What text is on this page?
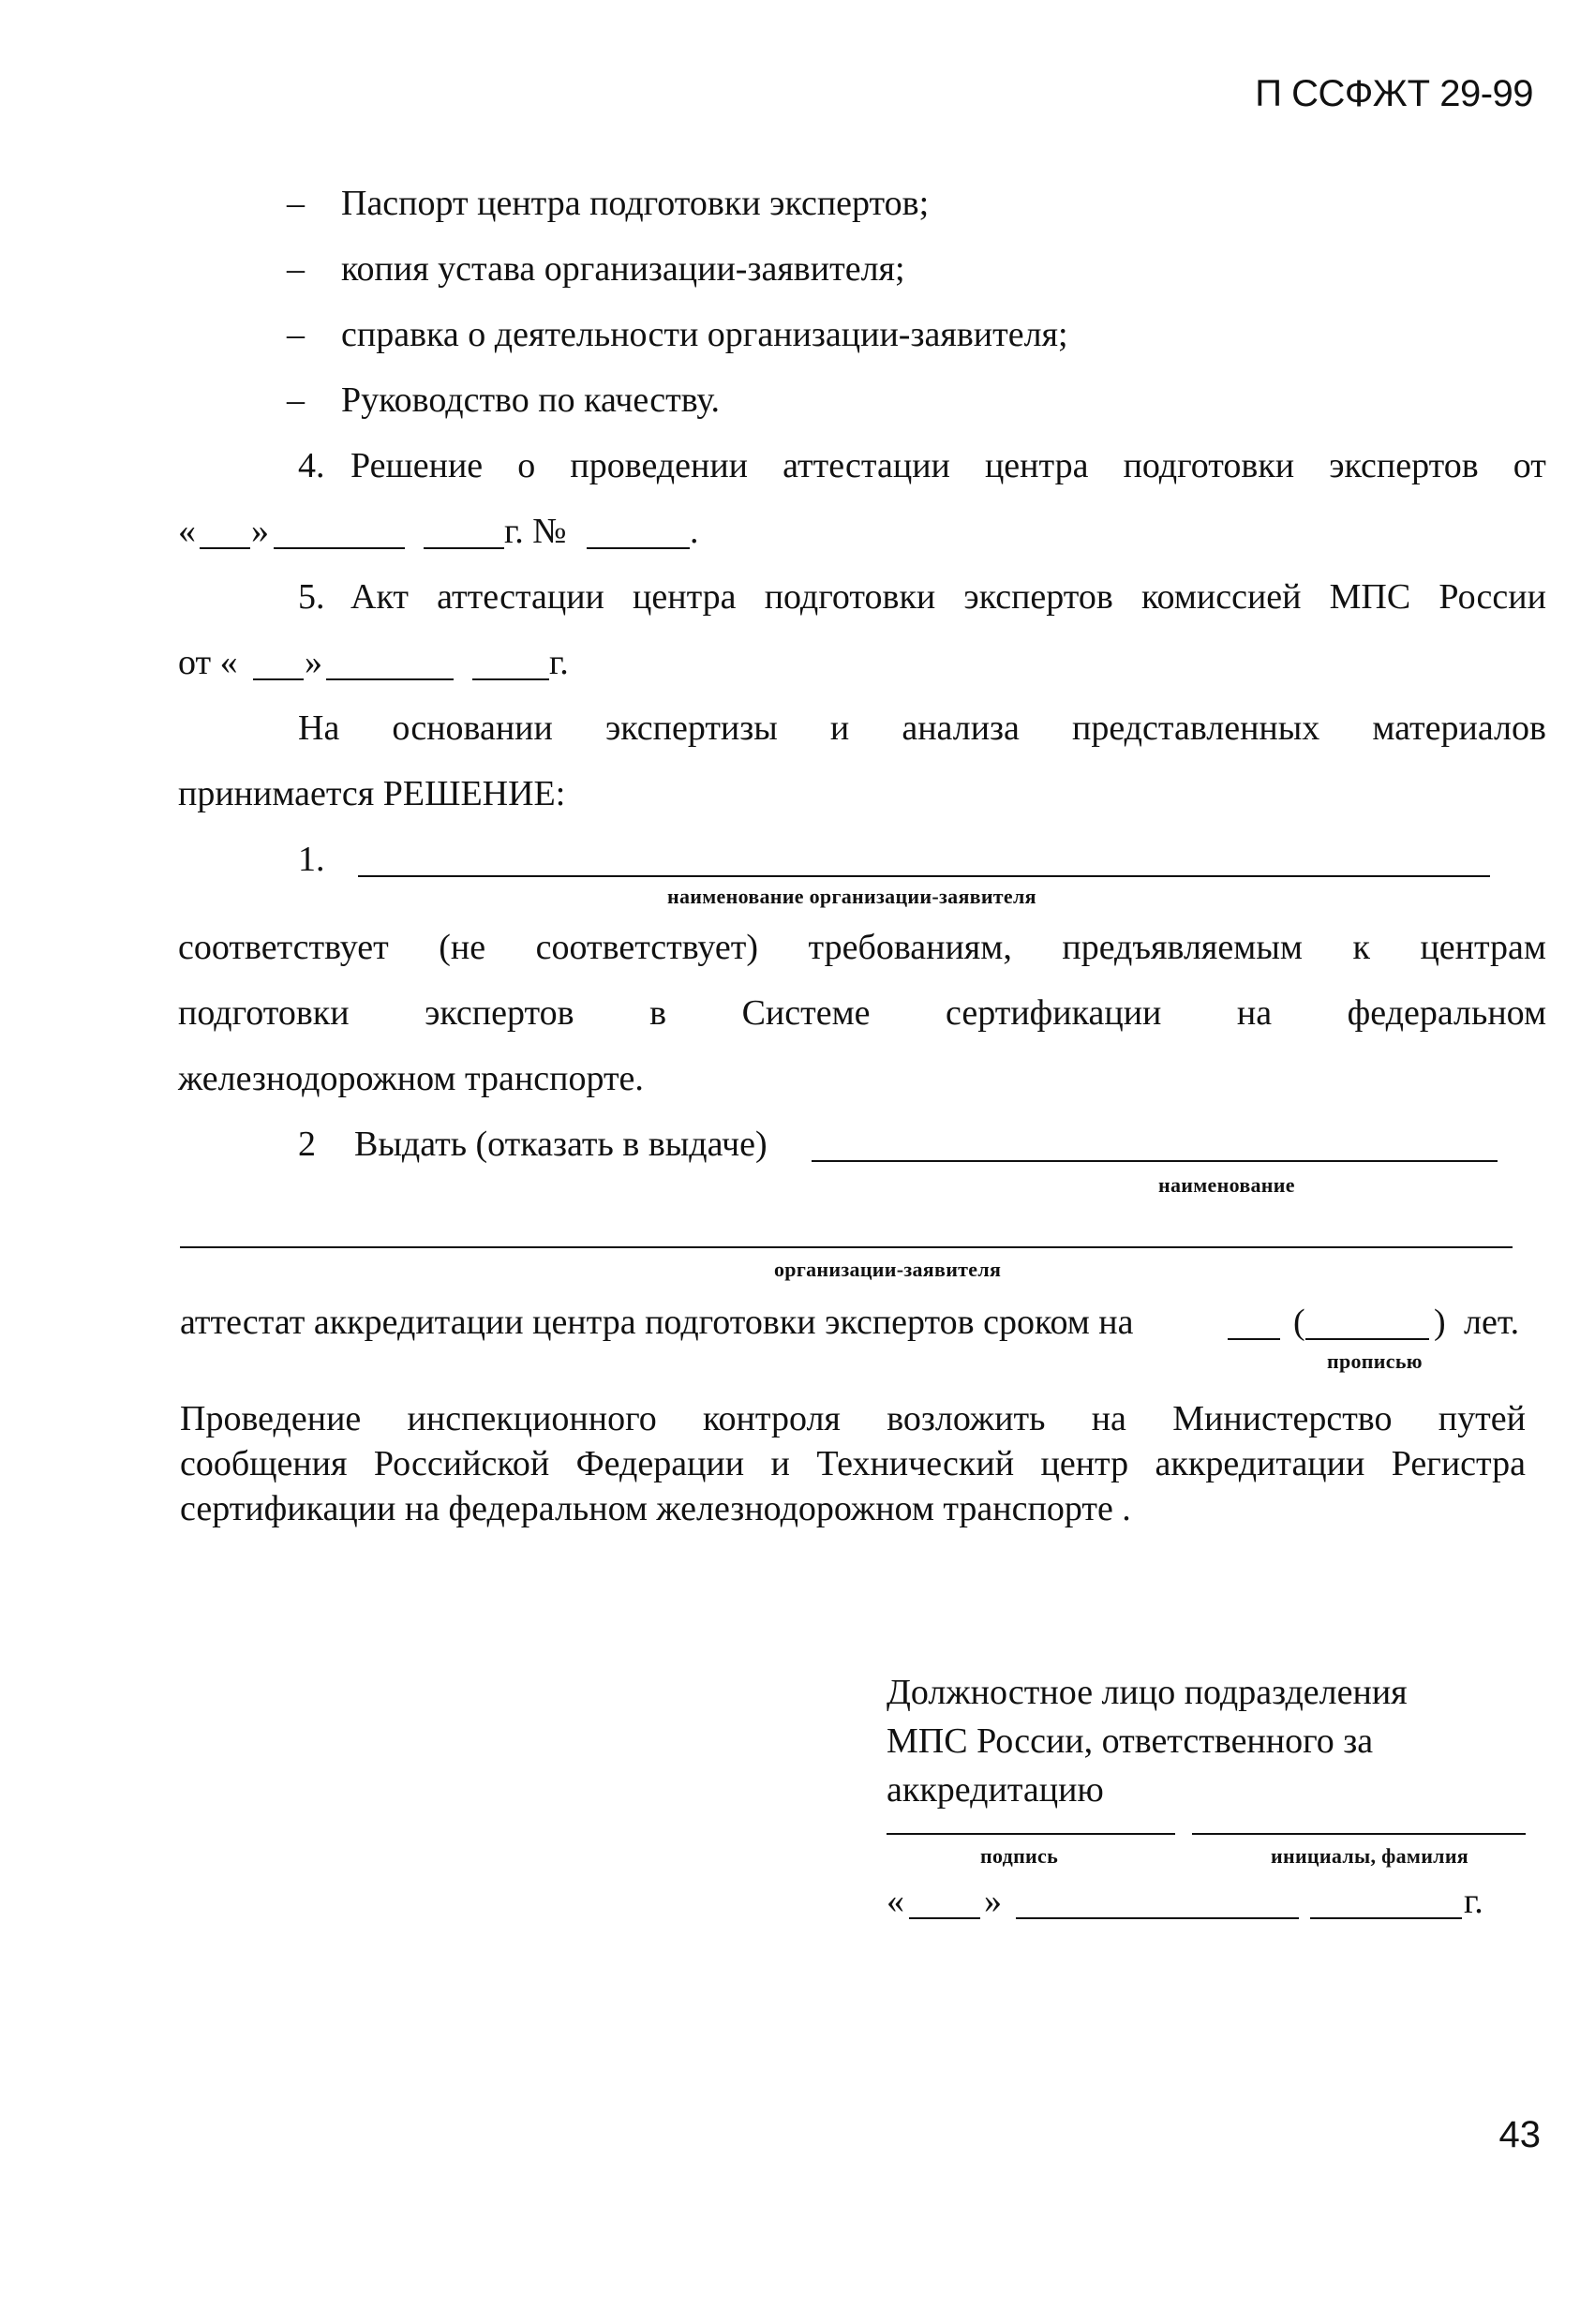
П ССФЖТ 29-99
– Паспорт центра подготовки экспертов;
– копия устава организации-заявителя;
– справка о деятельности организации-заявителя;
– Руководство по качеству.
4. Решение о проведении аттестации центра подготовки экспертов от
« »	г. №	.
5. Акт аттестации центра подготовки экспертов комиссией МПС России
от « »	г.
На основании экспертизы и анализа представленных материалов
принимается РЕШЕНИЕ:
1.
наименование организации-заявителя
соответствует (не соответствует) требованиям, предъявляемым к центрам
подготовки экспертов в Системе сертификации на федеральном
железнодорожном транспорте.
2 Выдать (отказать в выдаче)
наименование
организации-заявителя
аттестат аккредитации центра подготовки экспертов сроком на	(	) лет.
прописью
Проведение инспекционного контроля возложить на Министерство путей
сообщения Российской Федерации и Технический центр аккредитации Регистра
сертификации на федеральном железнодорожном транспорте .
Должностное лицо подразделения
МПС России, ответственного за
аккредитацию
подпись	инициалы, фамилия
« »	г.
43
